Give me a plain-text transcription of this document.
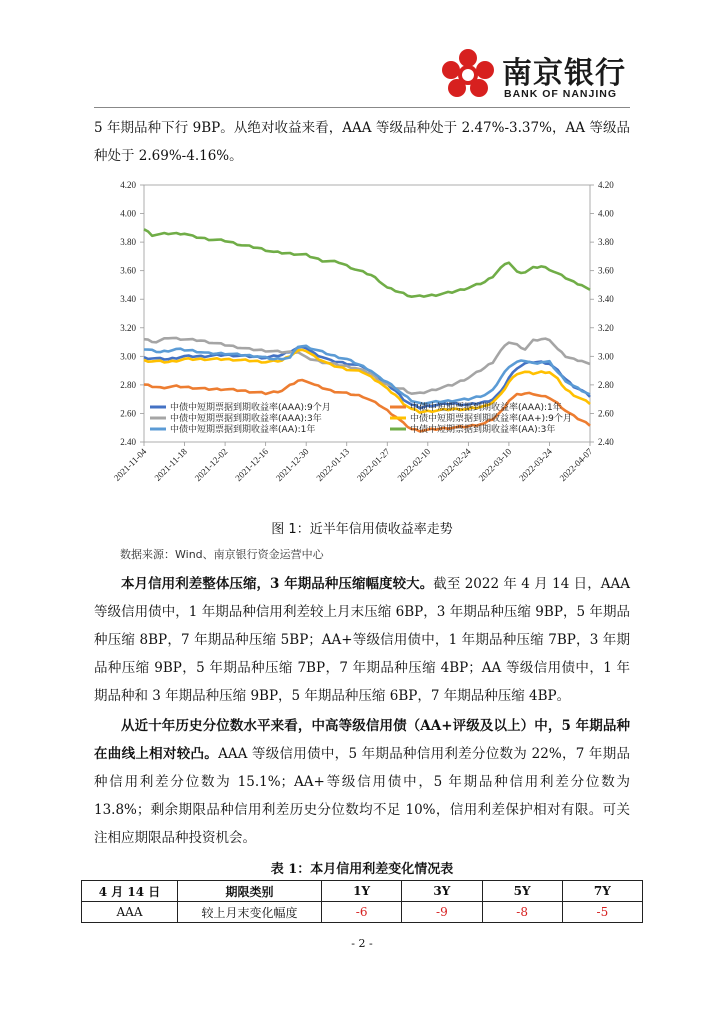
南京银行
BANK OF NANJING
5 年期品种下行 9BP。从绝对收益来看，AAA 等级品种处于 2.47%-3.37%，AA 等级品种处于 2.69%-4.16%。
4.20	4.20
4.00	4.00
3.80	3.80
3.60	3.60
3.40	3.40
3.20	3.20
3.00	3.00
2.80	2.80
2.60	2.60
2.40	2.40
2021-11-04 2021-11-18 2021-12-02 2021-12-16 2021-12-30 2022-01-13 2022-01-27 2022-02-10 2022-02-24 2022-03-10 2022-03-24 2022-04-07
中债中短期票据到期收益率(AAA):9个月	中债中短期票据到期收益率(AAA):1年
中债中短期票据到期收益率(AAA):3年	中债中短期票据到期收益率(AA+):9个月
中债中短期票据到期收益率(AA):1年	中债中短期票据到期收益率(AA):3年
图 1：近半年信用债收益率走势
数据来源：Wind、南京银行资金运营中心
本月信用利差整体压缩，3 年期品种压缩幅度较大。截至 2022 年 4 月 14 日，AAA 等级信用债中，1 年期品种信用利差较上月末压缩 6BP，3 年期品种压缩 9BP，5 年期品种压缩 8BP，7 年期品种压缩 5BP；AA+等级信用债中，1 年期品种压缩 7BP，3 年期品种压缩 9BP，5 年期品种压缩 7BP，7 年期品种压缩 4BP；AA 等级信用债中，1 年期品种和 3 年期品种压缩 9BP，5 年期品种压缩 6BP，7 年期品种压缩 4BP。
从近十年历史分位数水平来看，中高等级信用债（AA+评级及以上）中，5 年期品种在曲线上相对较凸。AAA 等级信用债中，5 年期品种信用利差分位数为 22%，7 年期品种信用利差分位数为 15.1%；AA+等级信用债中，5 年期品种信用利差分位数为 13.8%；剩余期限品种信用利差历史分位数均不足 10%，信用利差保护相对有限。可关注相应期限品种投资机会。
表 1：本月信用利差变化情况表
4 月 14 日	期限类别	1Y	3Y	5Y	7Y
AAA	较上月末变化幅度	-6	-9	-8	-5
- 2 -
